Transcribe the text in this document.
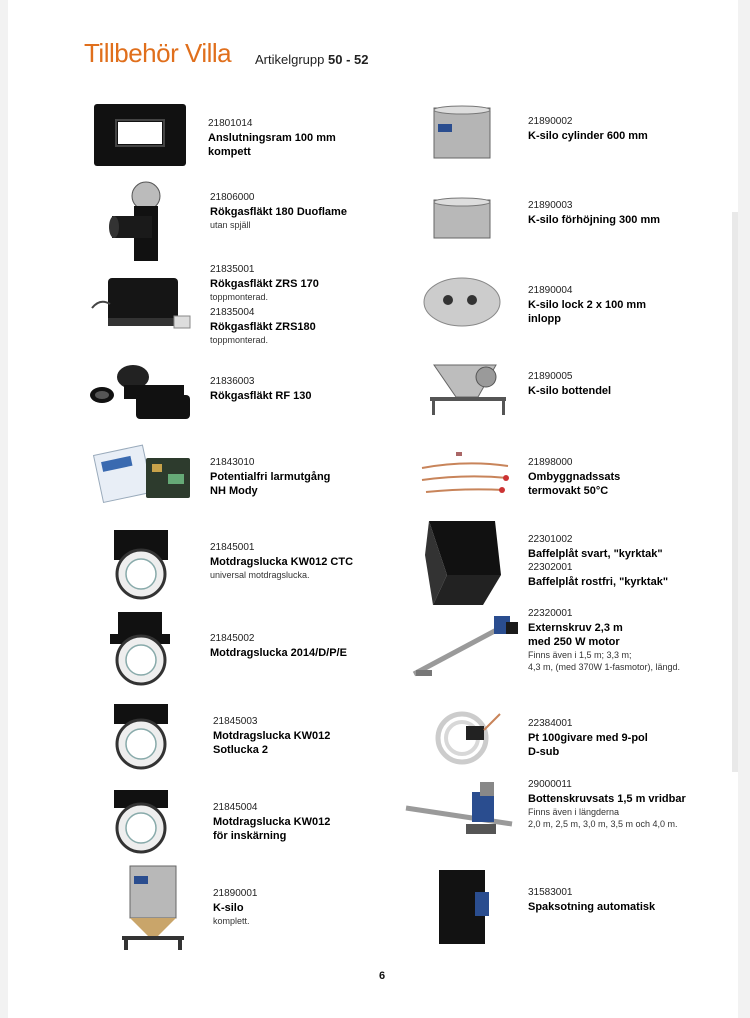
Tillbehör Villa Artikelgrupp 50 - 52
21801014
Anslutningsram 100 mm
kompett
21806000
Rökgasfläkt 180 Duoflame
utan spjäll
21835001
Rökgasfläkt ZRS 170
toppmonterad.
21835004
Rökgasfläkt ZRS180
toppmonterad.
21836003
Rökgasfläkt RF 130
21843010
Potentialfri larmutgång
NH Mody
21845001
Motdragslucka KW012 CTC
universal motdragslucka.
21845002
Motdragslucka 2014/D/P/E
21845003
Motdragslucka KW012
Sotlucka 2
21845004
Motdragslucka KW012
för inskärning
21890001
K-silo
komplett.
21890002
K-silo cylinder 600 mm
21890003
K-silo förhöjning 300 mm
21890004
K-silo lock 2 x 100 mm
inlopp
21890005
K-silo bottendel
21898000
Ombyggnadssats
termovakt 50°C
22301002
Baffelplåt svart, "kyrktak"
22302001
Baffelplåt rostfri, "kyrktak"
22320001
Externskruv 2,3 m
med 250 W motor
Finns även i 1,5 m; 3,3 m;
4,3 m, (med 370W 1-fasmotor), längd.
22384001
Pt 100givare med 9-pol
D-sub
29000011
Bottenskruvsats 1,5 m vridbar
Finns även i längderna
2,0 m, 2,5 m, 3,0 m, 3,5 m och 4,0 m.
31583001
Spaksotning automatisk
6
